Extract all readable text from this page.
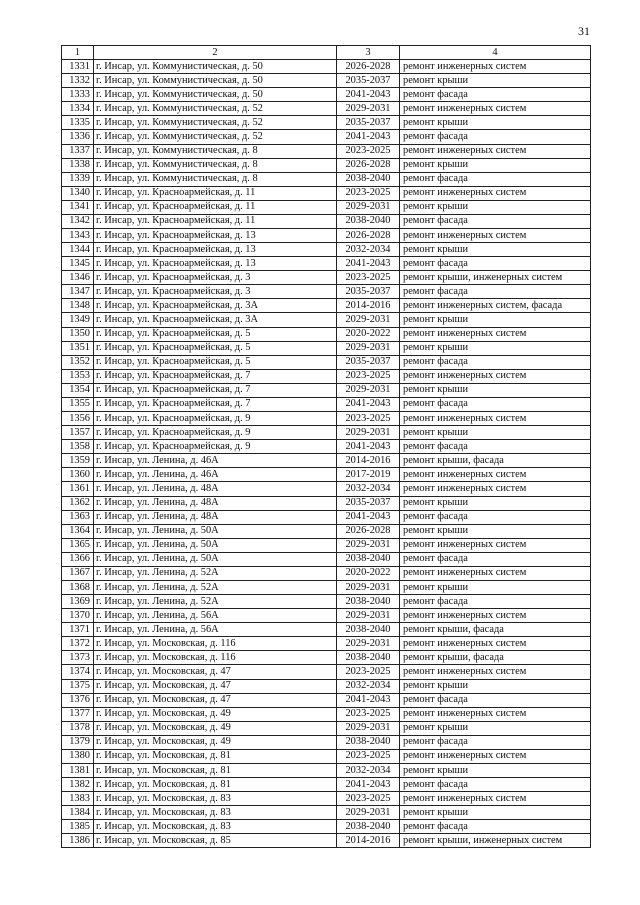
31
1	2	3	4
1331	г. Инсар, ул. Коммунистическая, д. 50	2026-2028	ремонт инженерных систем
1332	г. Инсар, ул. Коммунистическая, д. 50	2035-2037	ремонт крыши
1333	г. Инсар, ул. Коммунистическая, д. 50	2041-2043	ремонт фасада
1334	г. Инсар, ул. Коммунистическая, д. 52	2029-2031	ремонт инженерных систем
1335	г. Инсар, ул. Коммунистическая, д. 52	2035-2037	ремонт крыши
1336	г. Инсар, ул. Коммунистическая, д. 52	2041-2043	ремонт фасада
1337	г. Инсар, ул. Коммунистическая, д. 8	2023-2025	ремонт инженерных систем
1338	г. Инсар, ул. Коммунистическая, д. 8	2026-2028	ремонт крыши
1339	г. Инсар, ул. Коммунистическая, д. 8	2038-2040	ремонт фасада
1340	г. Инсар, ул. Красноармейская, д. 11	2023-2025	ремонт инженерных систем
1341	г. Инсар, ул. Красноармейская, д. 11	2029-2031	ремонт крыши
1342	г. Инсар, ул. Красноармейская, д. 11	2038-2040	ремонт фасада
1343	г. Инсар, ул. Красноармейская, д. 13	2026-2028	ремонт инженерных систем
1344	г. Инсар, ул. Красноармейская, д. 13	2032-2034	ремонт крыши
1345	г. Инсар, ул. Красноармейская, д. 13	2041-2043	ремонт фасада
1346	г. Инсар, ул. Красноармейская, д. 3	2023-2025	ремонт крыши, инженерных систем
1347	г. Инсар, ул. Красноармейская, д. 3	2035-2037	ремонт фасада
1348	г. Инсар, ул. Красноармейская, д. 3А	2014-2016	ремонт инженерных систем, фасада
1349	г. Инсар, ул. Красноармейская, д. 3А	2029-2031	ремонт крыши
1350	г. Инсар, ул. Красноармейская, д. 5	2020-2022	ремонт инженерных систем
1351	г. Инсар, ул. Красноармейская, д. 5	2029-2031	ремонт крыши
1352	г. Инсар, ул. Красноармейская, д. 5	2035-2037	ремонт фасада
1353	г. Инсар, ул. Красноармейская, д. 7	2023-2025	ремонт инженерных систем
1354	г. Инсар, ул. Красноармейская, д. 7	2029-2031	ремонт крыши
1355	г. Инсар, ул. Красноармейская, д. 7	2041-2043	ремонт фасада
1356	г. Инсар, ул. Красноармейская, д. 9	2023-2025	ремонт инженерных систем
1357	г. Инсар, ул. Красноармейская, д. 9	2029-2031	ремонт крыши
1358	г. Инсар, ул. Красноармейская, д. 9	2041-2043	ремонт фасада
1359	г. Инсар, ул. Ленина, д. 46А	2014-2016	ремонт крыши, фасада
1360	г. Инсар, ул. Ленина, д. 46А	2017-2019	ремонт инженерных систем
1361	г. Инсар, ул. Ленина, д. 48А	2032-2034	ремонт инженерных систем
1362	г. Инсар, ул. Ленина, д. 48А	2035-2037	ремонт крыши
1363	г. Инсар, ул. Ленина, д. 48А	2041-2043	ремонт фасада
1364	г. Инсар, ул. Ленина, д. 50А	2026-2028	ремонт крыши
1365	г. Инсар, ул. Ленина, д. 50А	2029-2031	ремонт инженерных систем
1366	г. Инсар, ул. Ленина, д. 50А	2038-2040	ремонт фасада
1367	г. Инсар, ул. Ленина, д. 52А	2020-2022	ремонт инженерных систем
1368	г. Инсар, ул. Ленина, д. 52А	2029-2031	ремонт крыши
1369	г. Инсар, ул. Ленина, д. 52А	2038-2040	ремонт фасада
1370	г. Инсар, ул. Ленина, д. 56А	2029-2031	ремонт инженерных систем
1371	г. Инсар, ул. Ленина, д. 56А	2038-2040	ремонт крыши, фасада
1372	г. Инсар, ул. Московская, д. 116	2029-2031	ремонт инженерных систем
1373	г. Инсар, ул. Московская, д. 116	2038-2040	ремонт крыши, фасада
1374	г. Инсар, ул. Московская, д. 47	2023-2025	ремонт инженерных систем
1375	г. Инсар, ул. Московская, д. 47	2032-2034	ремонт крыши
1376	г. Инсар, ул. Московская, д. 47	2041-2043	ремонт фасада
1377	г. Инсар, ул. Московская, д. 49	2023-2025	ремонт инженерных систем
1378	г. Инсар, ул. Московская, д. 49	2029-2031	ремонт крыши
1379	г. Инсар, ул. Московская, д. 49	2038-2040	ремонт фасада
1380	г. Инсар, ул. Московская, д. 81	2023-2025	ремонт инженерных систем
1381	г. Инсар, ул. Московская, д. 81	2032-2034	ремонт крыши
1382	г. Инсар, ул. Московская, д. 81	2041-2043	ремонт фасада
1383	г. Инсар, ул. Московская, д. 83	2023-2025	ремонт инженерных систем
1384	г. Инсар, ул. Московская, д. 83	2029-2031	ремонт крыши
1385	г. Инсар, ул. Московская, д. 83	2038-2040	ремонт фасада
1386	г. Инсар, ул. Московская, д. 85	2014-2016	ремонт крыши, инженерных систем
